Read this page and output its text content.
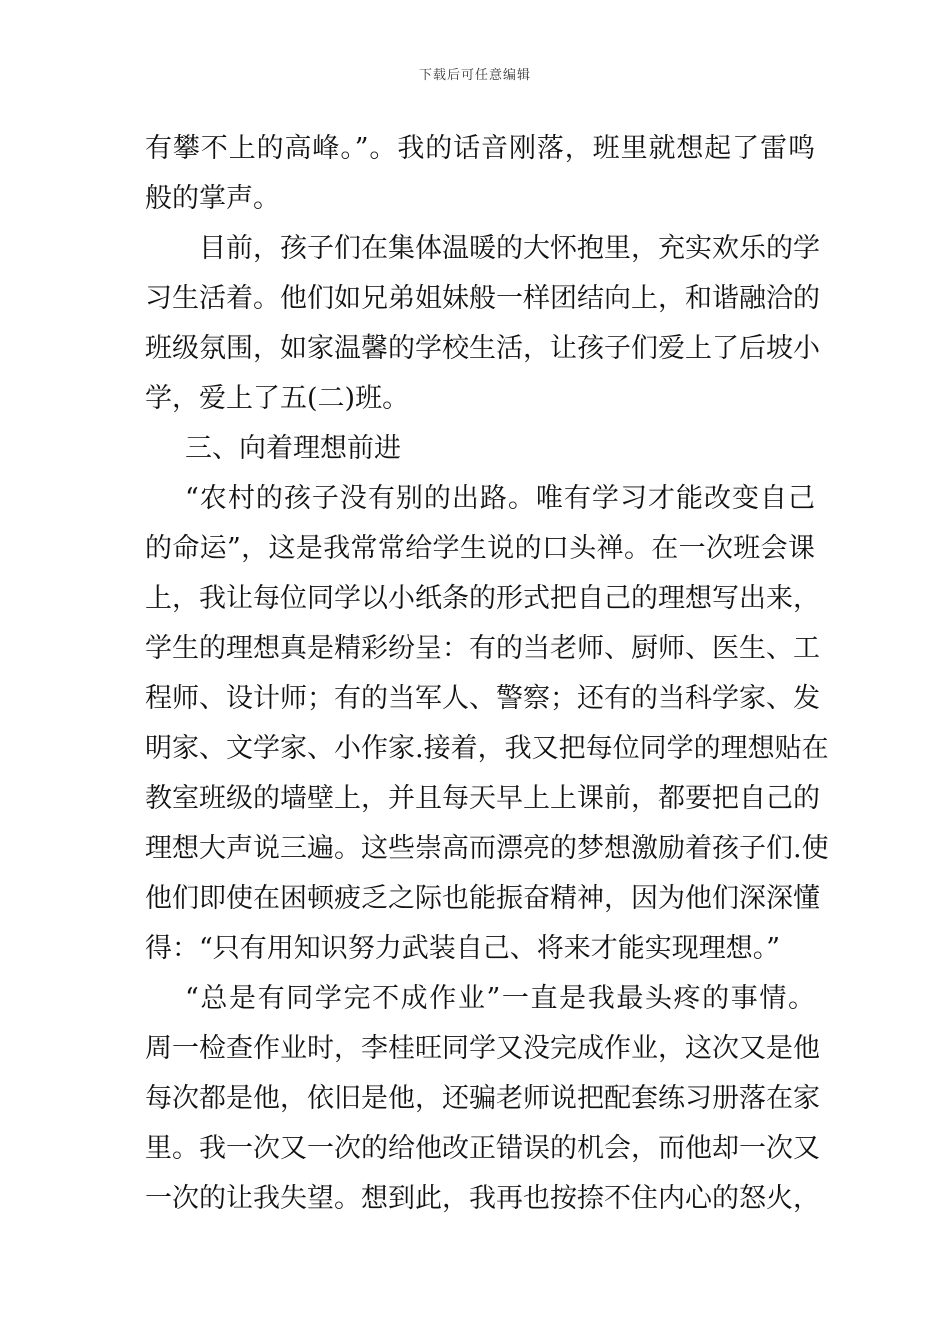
下载后可任意编辑
有攀不上的高峰。”。我的话音刚落，班里就想起了雷鸣
般的掌声。
目前，孩子们在集体温暖的大怀抱里，充实欢乐的学
习生活着。他们如兄弟姐妹般一样团结向上，和谐融洽的
班级氛围，如家温馨的学校生活，让孩子们爱上了后坡小
学，爱上了五(二)班。
三、向着理想前进
“农村的孩子没有别的出路。唯有学习才能改变自己
的命运”，这是我常常给学生说的口头禅。在一次班会课
上，我让每位同学以小纸条的形式把自己的理想写出来，
学生的理想真是精彩纷呈：有的当老师、厨师、医生、工
程师、设计师；有的当军人、警察；还有的当科学家、发
明家、文学家、小作家.接着，我又把每位同学的理想贴在
教室班级的墙壁上，并且每天早上上课前，都要把自己的
理想大声说三遍。这些崇高而漂亮的梦想激励着孩子们.使
他们即使在困顿疲乏之际也能振奋精神，因为他们深深懂
得：“只有用知识努力武装自己、将来才能实现理想。”
“总是有同学完不成作业”一直是我最头疼的事情。
周一检查作业时，李桂旺同学又没完成作业，这次又是他
每次都是他，依旧是他，还骗老师说把配套练习册落在家
里。我一次又一次的给他改正错误的机会，而他却一次又
一次的让我失望。想到此，我再也按捺不住内心的怒火，
